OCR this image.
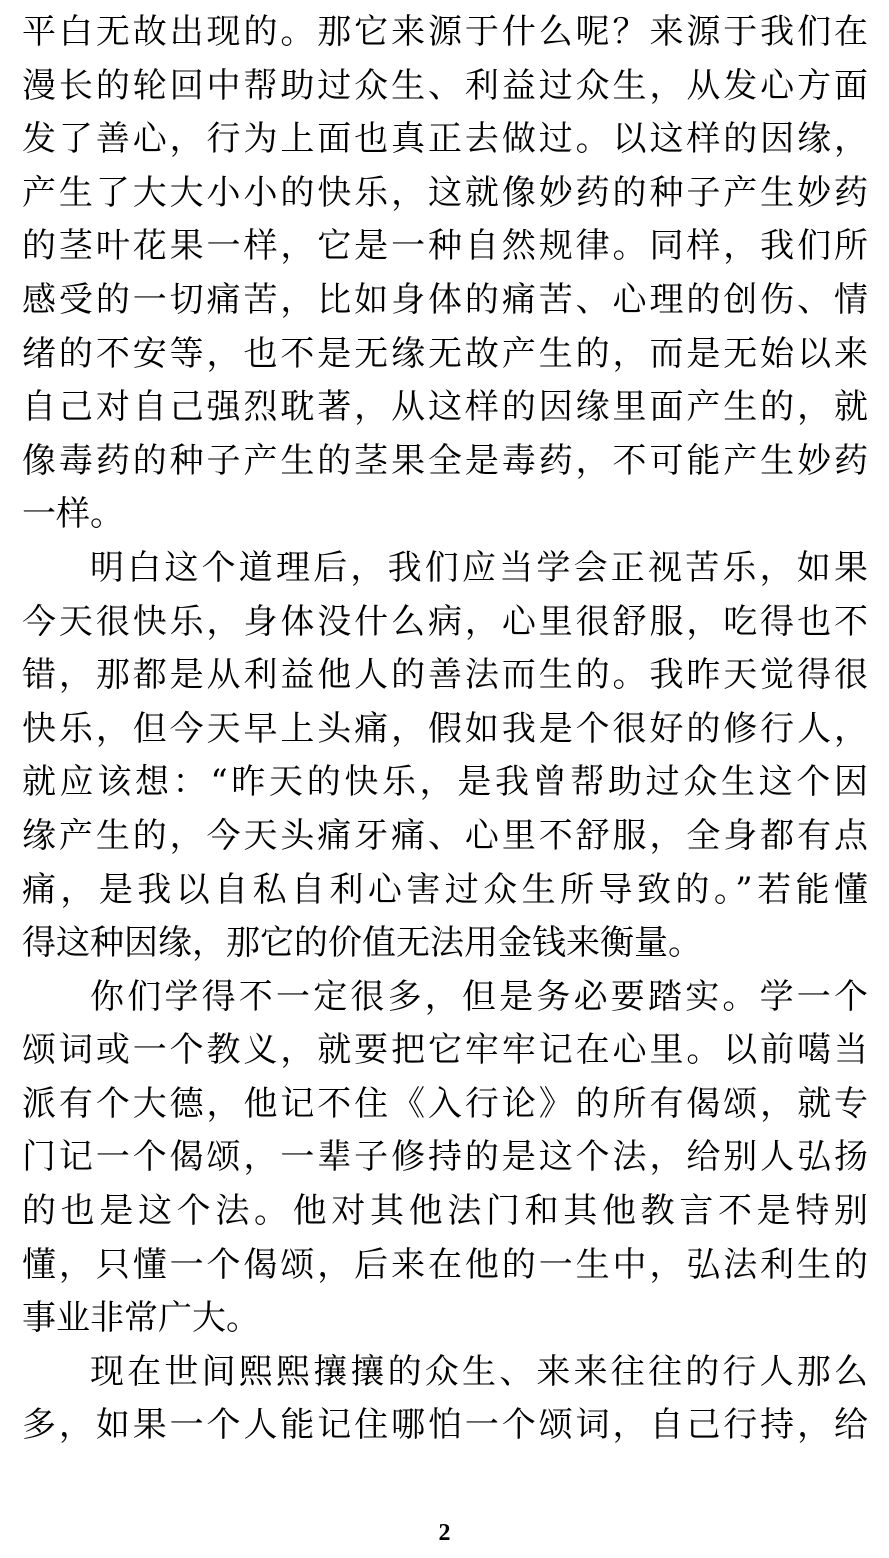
平白无故出现的。那它来源于什么呢？来源于我们在
漫长的轮回中帮助过众生、利益过众生，从发心方面
发了善心，行为上面也真正去做过。以这样的因缘，
产生了大大小小的快乐，这就像妙药的种子产生妙药
的茎叶花果一样，它是一种自然规律。同样，我们所
感受的一切痛苦，比如身体的痛苦、心理的创伤、情
绪的不安等，也不是无缘无故产生的，而是无始以来
自己对自己强烈耽著，从这样的因缘里面产生的，就
像毒药的种子产生的茎果全是毒药，不可能产生妙药
一样。
明白这个道理后，我们应当学会正视苦乐，如果
今天很快乐，身体没什么病，心里很舒服，吃得也不
错，那都是从利益他人的善法而生的。我昨天觉得很
快乐，但今天早上头痛，假如我是个很好的修行人，
就应该想：“昨天的快乐，是我曾帮助过众生这个因
缘产生的，今天头痛牙痛、心里不舒服，全身都有点
痛，是我以自私自利心害过众生所导致的。”若能懂
得这种因缘，那它的价值无法用金钱来衡量。
你们学得不一定很多，但是务必要踏实。学一个
颂词或一个教义，就要把它牢牢记在心里。以前噶当
派有个大德，他记不住《入行论》的所有偈颂，就专
门记一个偈颂，一辈子修持的是这个法，给别人弘扬
的也是这个法。他对其他法门和其他教言不是特别
懂，只懂一个偈颂，后来在他的一生中，弘法利生的
事业非常广大。
现在世间熙熙攘攘的众生、来来往往的行人那么
多，如果一个人能记住哪怕一个颂词，自己行持，给
2
